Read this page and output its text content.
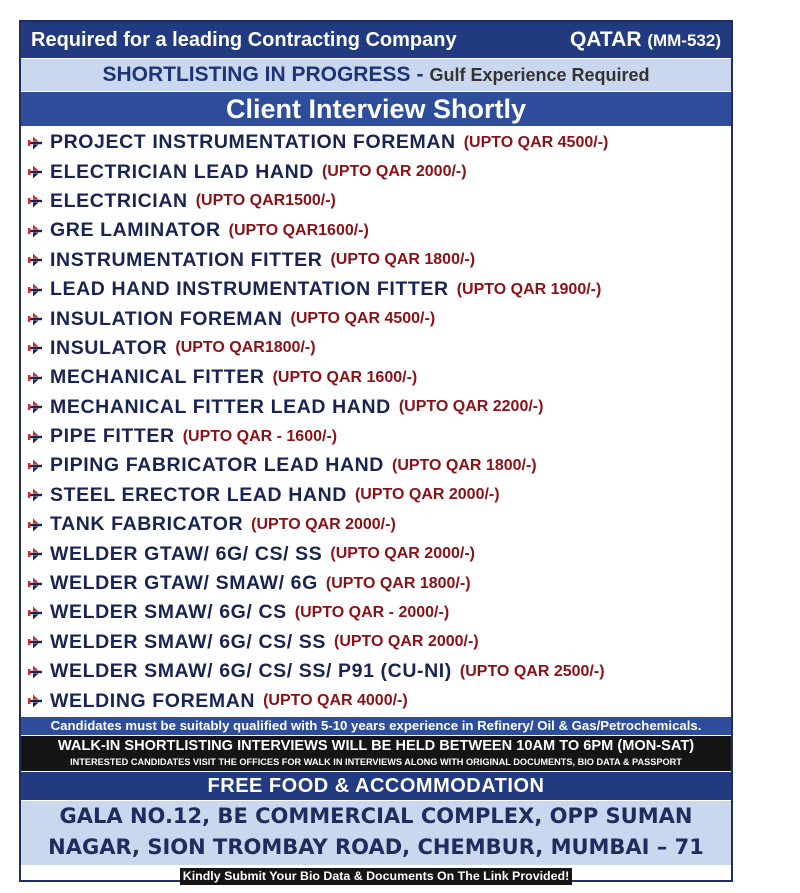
Required for a leading Contracting Company	QATAR (MM-532)
SHORTLISTING IN PROGRESS - Gulf Experience Required
Client Interview Shortly
PROJECT INSTRUMENTATION FOREMAN (UPTO QAR 4500/-)
ELECTRICIAN LEAD HAND (UPTO QAR 2000/-)
ELECTRICIAN (UPTO QAR1500/-)
GRE LAMINATOR (UPTO QAR1600/-)
INSTRUMENTATION FITTER (UPTO QAR 1800/-)
LEAD HAND INSTRUMENTATION FITTER (UPTO QAR 1900/-)
INSULATION FOREMAN (UPTO QAR 4500/-)
INSULATOR (UPTO QAR1800/-)
MECHANICAL FITTER (UPTO QAR 1600/-)
MECHANICAL FITTER LEAD HAND (UPTO QAR 2200/-)
PIPE FITTER (UPTO QAR - 1600/-)
PIPING FABRICATOR LEAD HAND (UPTO QAR 1800/-)
STEEL ERECTOR LEAD HAND (UPTO QAR 2000/-)
TANK FABRICATOR (UPTO QAR 2000/-)
WELDER GTAW/ 6G/ CS/ SS (UPTO QAR 2000/-)
WELDER GTAW/ SMAW/ 6G (UPTO QAR 1800/-)
WELDER SMAW/ 6G/ CS (UPTO QAR - 2000/-)
WELDER SMAW/ 6G/ CS/ SS (UPTO QAR 2000/-)
WELDER SMAW/ 6G/ CS/ SS/ P91 (CU-NI) (UPTO QAR 2500/-)
WELDING FOREMAN (UPTO QAR 4000/-)
Candidates must be suitably qualified with 5-10 years experience in Refinery/ Oil & Gas/Petrochemicals.
WALK-IN SHORTLISTING INTERVIEWS WILL BE HELD BETWEEN 10AM TO 6PM (MON-SAT)
INTERESTED CANDIDATES VISIT THE OFFICES FOR WALK IN INTERVIEWS ALONG WITH ORIGINAL DOCUMENTS, BIO DATA & PASSPORT
FREE FOOD & ACCOMMODATION
GALA NO.12, BE COMMERCIAL COMPLEX, OPP SUMAN
NAGAR, SION TROMBAY ROAD, CHEMBUR, MUMBAI – 71
Kindly Submit Your Bio Data & Documents On The Link Provided!
